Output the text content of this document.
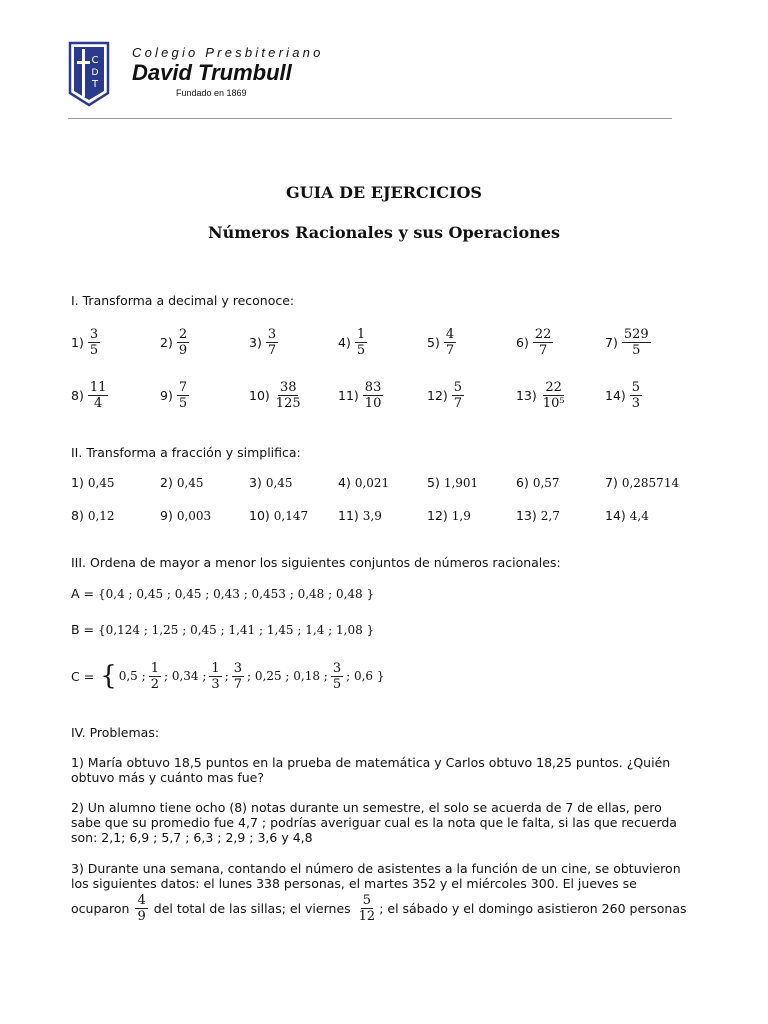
C
D
T
Colegio Presbiteriano
David Trumbull
Fundado en 1869
GUIA DE EJERCICIOS
Números Racionales y sus Operaciones
I. Transforma a decimal y reconoce:
$1) \frac{3}{5}$	$2) \frac{2}{9}$	$3) \frac{3}{7}$	$4) \frac{1}{5}$	$5) \frac{4}{7}$	$6) \frac{22}{7}$	$7) \frac{529}{5}$
$8) \frac{11}{4}$	$9) \frac{7}{5}$	$10) \frac{38}{125}$	$11) \frac{83}{10}$	$12) \frac{5}{7}$	$13) \frac{22}{\text{10⁵}}$	$14) \frac{5}{3}$
II. Transforma a fracción y simplifica:
1) 0,45	2) 0,45	3) 0,45	4) 0,021	5) 1,901	6) 0,57	7) 0,285714
8) 0,12	9) 0,003	10) 0,147 11) 3,9	12) 1,9	13) 2,7	14) 4,4
III. Ordena de mayor a menor los siguientes conjuntos de números racionales:
A = {0,4 ; 0,45 ; 0,45 ; 0,43 ; 0,453 ; 0,48 ; 0,48 }
B = {0,124 ; 1,25 ; 0,45 ; 1,41 ; 1,45 ; 1,4 ; 1,08 }
C = { 0,5 ; $\frac{1}{2}$ ; 0,34 ; $\frac{1}{3}$ ; $\frac{3}{7}$ ; 0,25 ; 0,18 ; $\frac{3}{5}$ ; 0,6 }
IV. Problemas:
1) María obtuvo 18,5 puntos en la prueba de matemática y Carlos obtuvo 18,25 puntos. ¿Quién obtuvo más y cuánto mas fue?
2) Un alumno tiene ocho (8) notas durante un semestre, el solo se acuerda de 7 de ellas, pero sabe que su promedio fue 4,7 ; podrías averiguar cual es la nota que le falta, si las que recuerda son: 2,1; 6,9 ; 5,7 ; 6,3 ; 2,9 ; 3,6 y 4,8
3) Durante una semana, contando el número de asistentes a la función de un cine, se obtuvieron los siguientes datos: el lunes 338 personas, el martes 352 y el miércoles 300. El jueves se
ocuparon $\frac{4}{9}$ del total de las sillas; el viernes $\frac{5}{12}$ ; el sábado y el domingo asistieron 260 personas
